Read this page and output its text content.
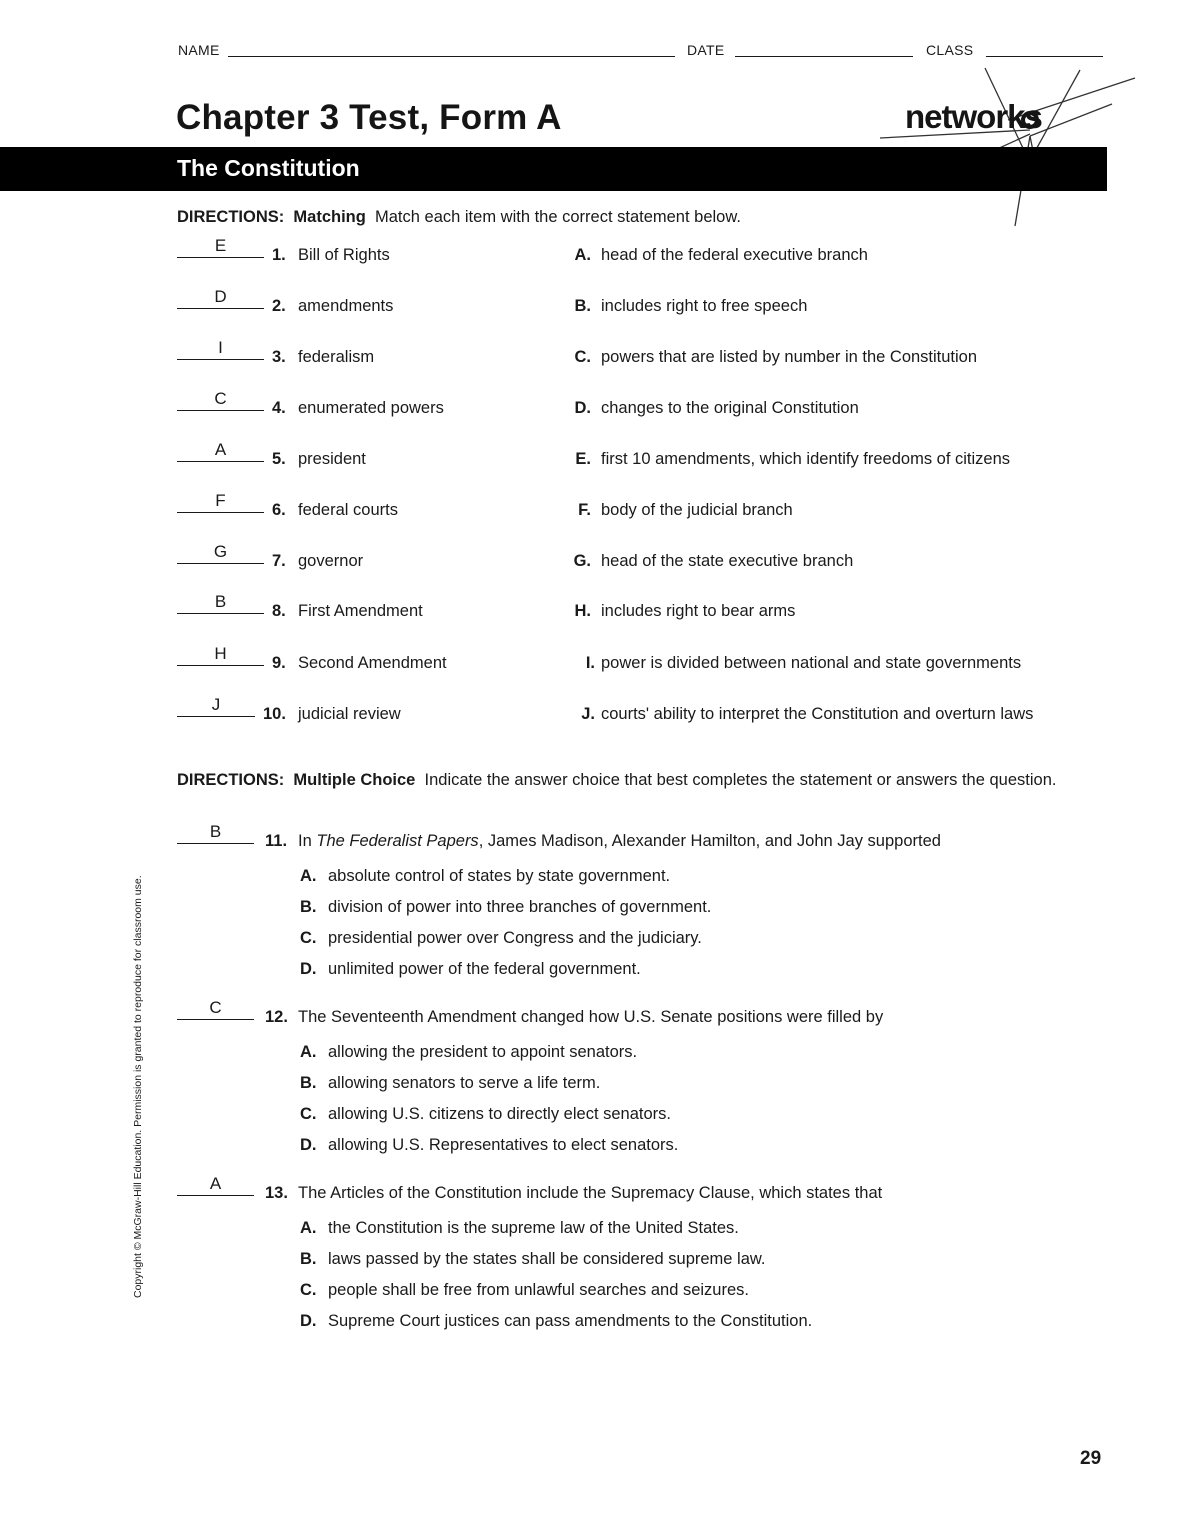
NAME	DATE	CLASS
Chapter 3 Test, Form A	networks
The Constitution
DIRECTIONS: Matching Match each item with the correct statement below.
E	1. Bill of Rights	A. head of the federal executive branch
D	2. amendments	B. includes right to free speech
I	3. federalism	C. powers that are listed by number in the Constitution
C	4. enumerated powers	D. changes to the original Constitution
A	5. president	E. first 10 amendments, which identify freedoms of citizens
F	6. federal courts	F. body of the judicial branch
G	7. governor	G. head of the state executive branch
B	8. First Amendment	H. includes right to bear arms
H	9. Second Amendment	I. power is divided between national and state governments
J	10. judicial review	J. courts' ability to interpret the Constitution and overturn laws
DIRECTIONS: Multiple Choice Indicate the answer choice that best completes the statement or answers the question.
B	11. In The Federalist Papers, James Madison, Alexander Hamilton, and John Jay supported
A. absolute control of states by state government.
B. division of power into three branches of government.
C. presidential power over Congress and the judiciary.
D. unlimited power of the federal government.
C	12. The Seventeenth Amendment changed how U.S. Senate positions were filled by
A. allowing the president to appoint senators.
B. allowing senators to serve a life term.
C. allowing U.S. citizens to directly elect senators.
D. allowing U.S. Representatives to elect senators.
A	13. The Articles of the Constitution include the Supremacy Clause, which states that
A. the Constitution is the supreme law of the United States.
B. laws passed by the states shall be considered supreme law.
C. people shall be free from unlawful searches and seizures.
D. Supreme Court justices can pass amendments to the Constitution.
Copyright © McGraw-Hill Education. Permission is granted to reproduce for classroom use.
29
